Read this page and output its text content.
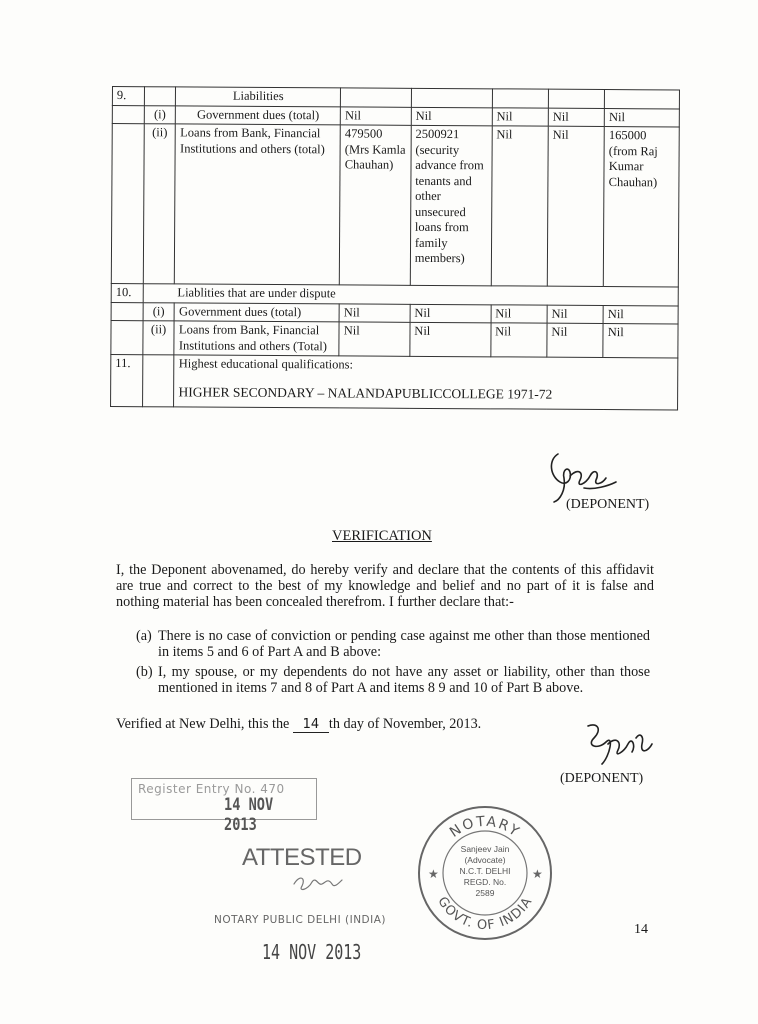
9.		Liabilities					
	(i)	Government dues (total)	Nil	Nil	Nil	Nil	Nil
	(ii)	Loans from Bank, Financial Institutions and others (total)	479500 (Mrs Kamla Chauhan)	2500921 (security advance from tenants and other unsecured loans from family members)	Nil	Nil	165000 (from Raj Kumar Chauhan)
10.	Liablities that are under dispute						
	(i)	Government dues (total)	Nil	Nil	Nil	Nil	Nil
	(ii)	Loans from Bank, Financial Institutions and others (Total)	Nil	Nil	Nil	Nil	Nil
11.		Highest educational qualifications:
HIGHER SECONDARY – NALANDAPUBLICCOLLEGE 1971-72					
(DEPONENT)
VERIFICATION
I, the Deponent abovenamed, do hereby verify and declare that the contents of this affidavit are true and correct to the best of my knowledge and belief and no part of it is false and nothing material has been concealed therefrom. I further declare that:-
(a) There is no case of conviction or pending case against me other than those mentioned in items 5 and 6 of Part A and B above:
(b) I, my spouse, or my dependents do not have any asset or liability, other than those mentioned in items 7 and 8 of Part A and items 8 9 and 10 of Part B above.
Verified at New Delhi, this the 14 th day of November, 2013.
(DEPONENT)
Register Entry No. 470
14 NOV 2013
ATTESTED
NOTARY PUBLIC DELHI (INDIA)
14 NOV 2013
NOTARY
GOVT. OF INDIA
★	★
Sanjeev Jain
(Advocate)
N.C.T. DELHI
REGD. No.
2589
14
